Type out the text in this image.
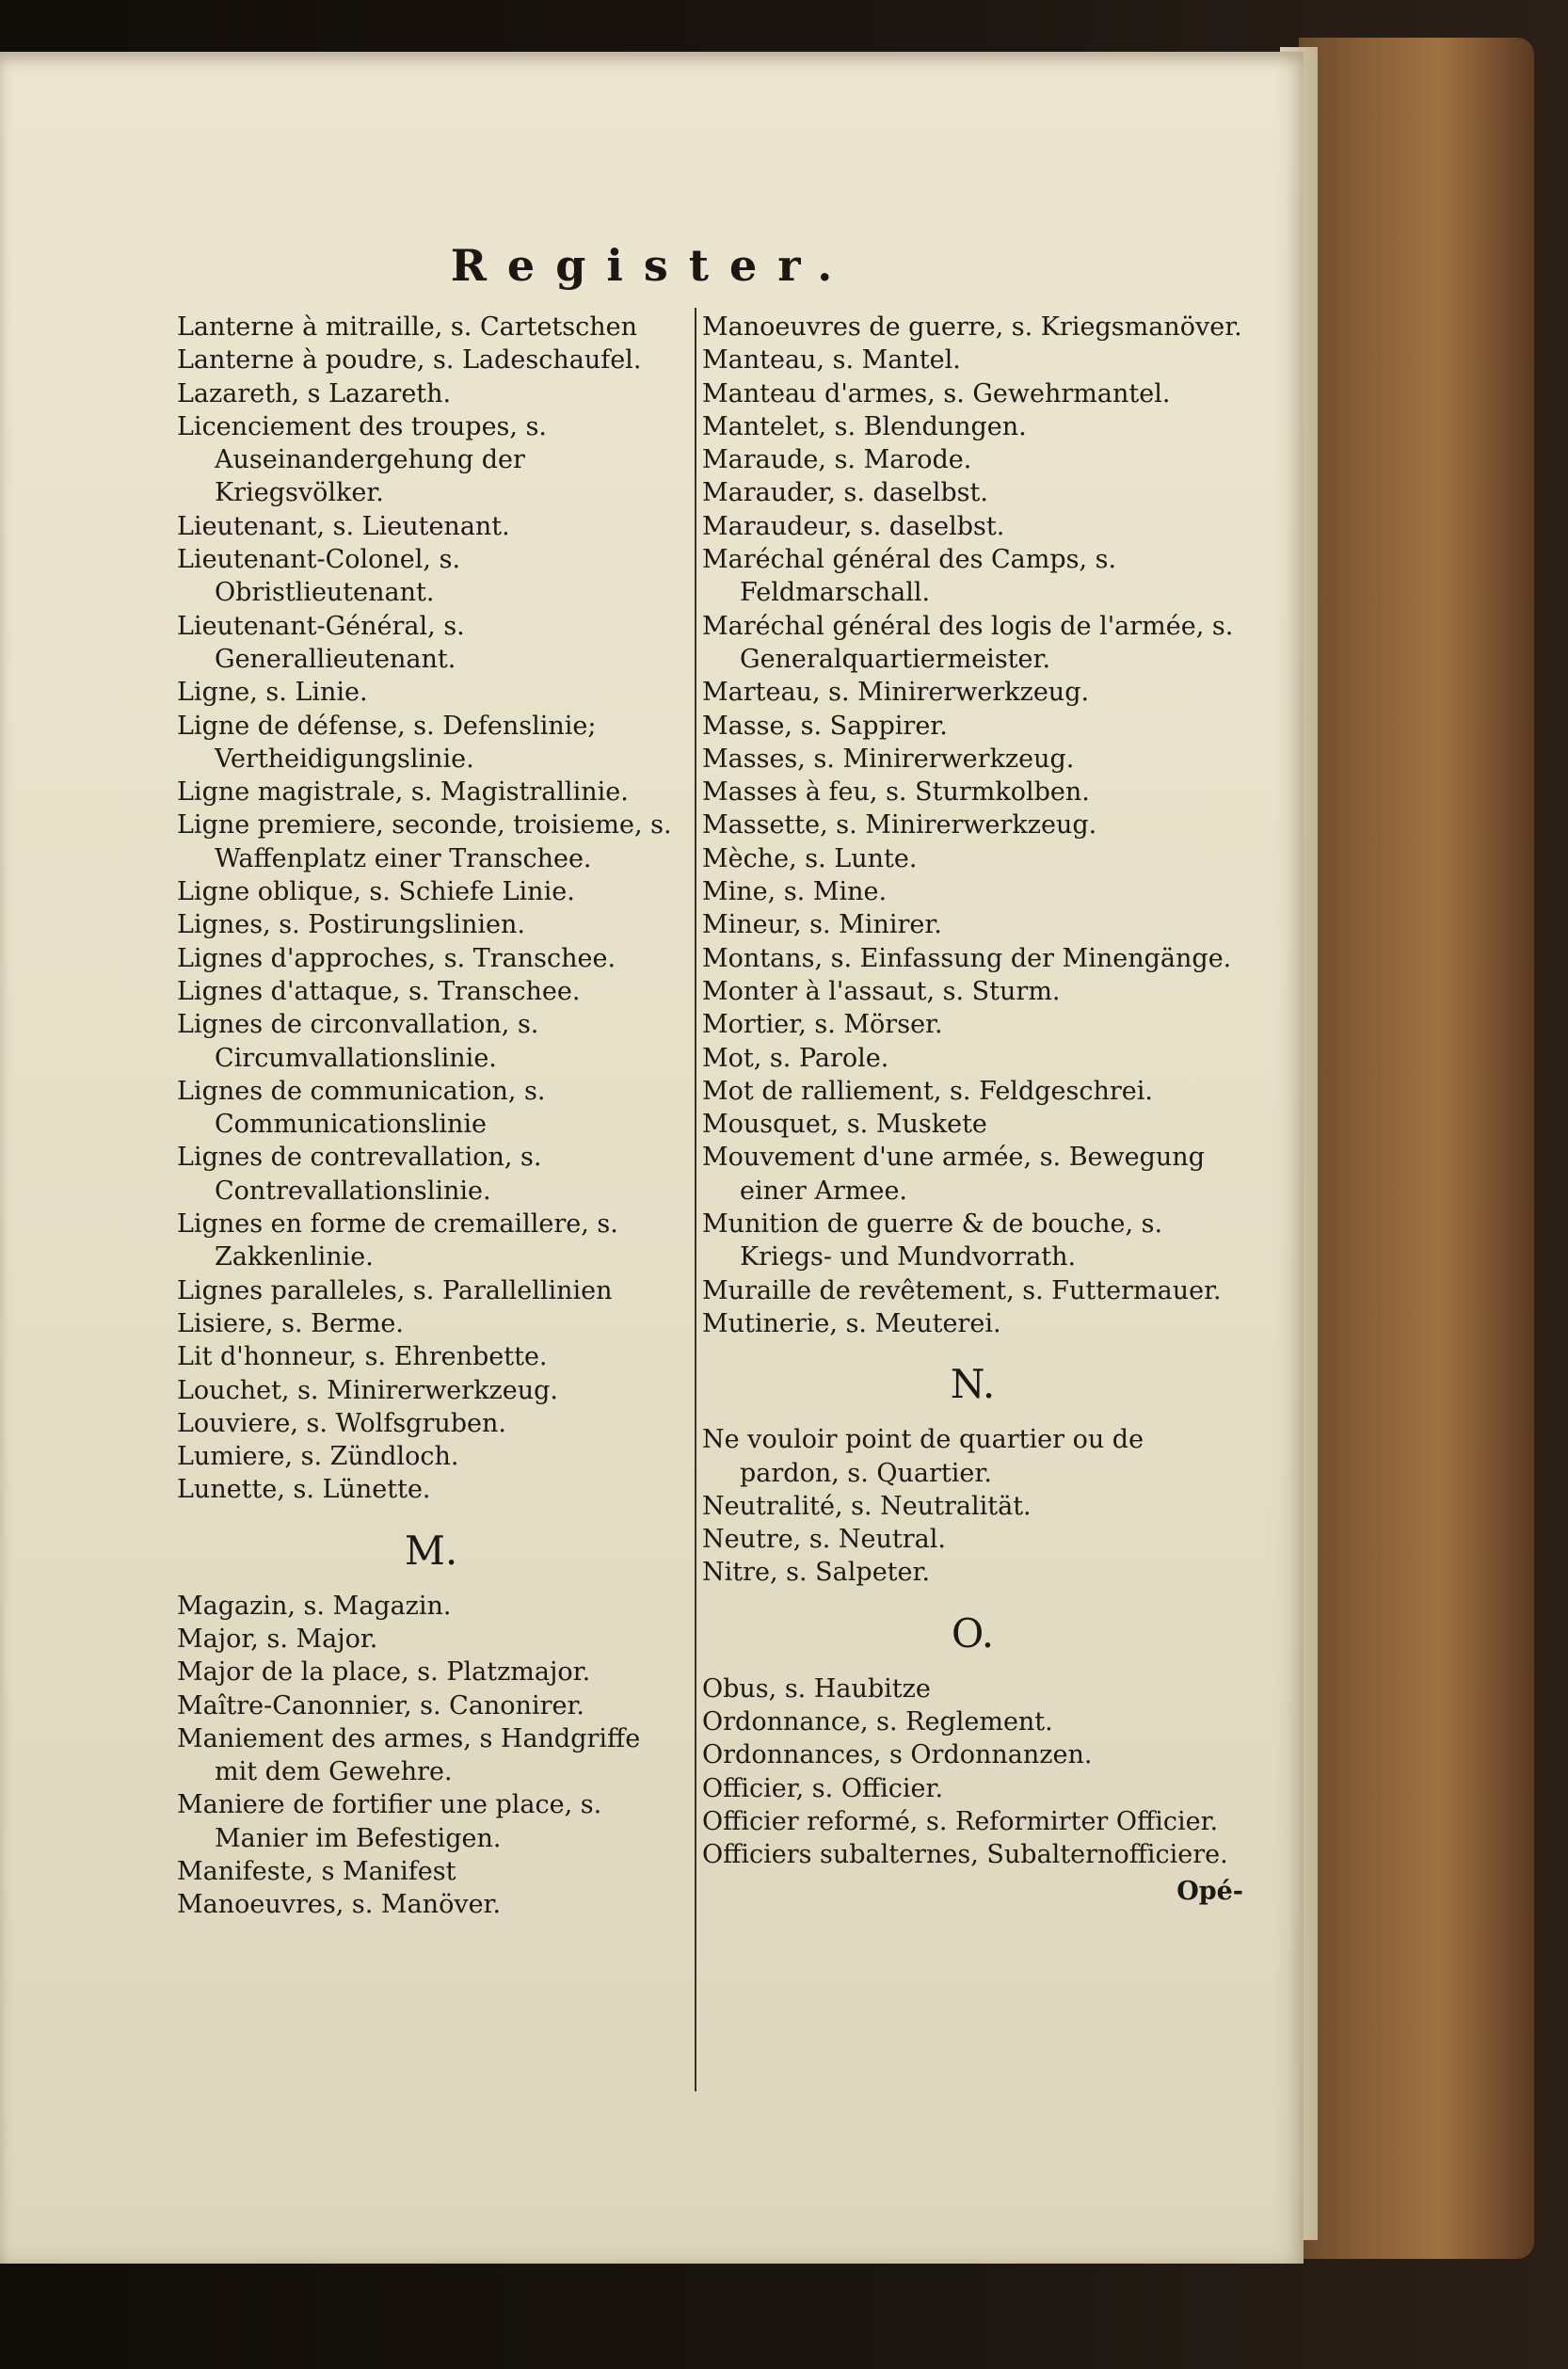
Register.

Lanterne à mitraille, s. Cartetschen

Lanterne à poudre, s. Ladeschaufel.

Lazareth, s Lazareth.

Licenciement des troupes, s. Auseinandergehung der Kriegsvölker.

Lieutenant, s. Lieutenant.

Lieutenant-Colonel, s. Obristlieutenant.

Lieutenant-Général, s. Generallieutenant.

Ligne, s. Linie.

Ligne de défense, s. Defenslinie; Vertheidigungslinie.

Ligne magistrale, s. Magistrallinie.

Ligne premiere, seconde, troisieme, s. Waffenplatz einer Transchee.

Ligne oblique, s. Schiefe Linie.

Lignes, s. Postirungslinien.

Lignes d'approches, s. Transchee.

Lignes d'attaque, s. Transchee.

Lignes de circonvallation, s. Circumvallationslinie.

Lignes de communication, s. Communicationslinie

Lignes de contrevallation, s. Contrevallationslinie.

Lignes en forme de cremaillere, s. Zakkenlinie.

Lignes paralleles, s. Parallellinien

Lisiere, s. Berme.

Lit d'honneur, s. Ehrenbette.

Louchet, s. Minirerwerkzeug.

Louviere, s. Wolfsgruben.

Lumiere, s. Zündloch.

Lunette, s. Lünette.

M.

Magazin, s. Magazin.

Major, s. Major.

Major de la place, s. Platzmajor.

Maître-Canonnier, s. Canonirer.

Maniement des armes, s Handgriffe mit dem Gewehre.

Maniere de fortifier une place, s. Manier im Befestigen.

Manifeste, s Manifest

Manoeuvres, s. Manöver.

Manoeuvres de guerre, s. Kriegsmanöver.

Manteau, s. Mantel.

Manteau d'armes, s. Gewehrmantel.

Mantelet, s. Blendungen.

Maraude, s. Marode.

Marauder, s. daselbst.

Maraudeur, s. daselbst.

Maréchal général des Camps, s. Feldmarschall.

Maréchal général des logis de l'armée, s. Generalquartiermeister.

Marteau, s. Minirerwerkzeug.

Masse, s. Sappirer.

Masses, s. Minirerwerkzeug.

Masses à feu, s. Sturmkolben.

Massette, s. Minirerwerkzeug.

Mèche, s. Lunte.

Mine, s. Mine.

Mineur, s. Minirer.

Montans, s. Einfassung der Minengänge.

Monter à l'assaut, s. Sturm.

Mortier, s. Mörser.

Mot, s. Parole.

Mot de ralliement, s. Feldgeschrei.

Mousquet, s. Muskete

Mouvement d'une armée, s. Bewegung einer Armee.

Munition de guerre & de bouche, s. Kriegs- und Mundvorrath.

Muraille de revêtement, s. Futtermauer.

Mutinerie, s. Meuterei.

N.

Ne vouloir point de quartier ou de pardon, s. Quartier.

Neutralité, s. Neutralität.

Neutre, s. Neutral.

Nitre, s. Salpeter.

O.

Obus, s. Haubitze

Ordonnance, s. Reglement.

Ordonnances, s Ordonnanzen.

Officier, s. Officier.

Officier reformé, s. Reformirter Officier.

Officiers subalternes, Subalternofficiere.

Opé-
